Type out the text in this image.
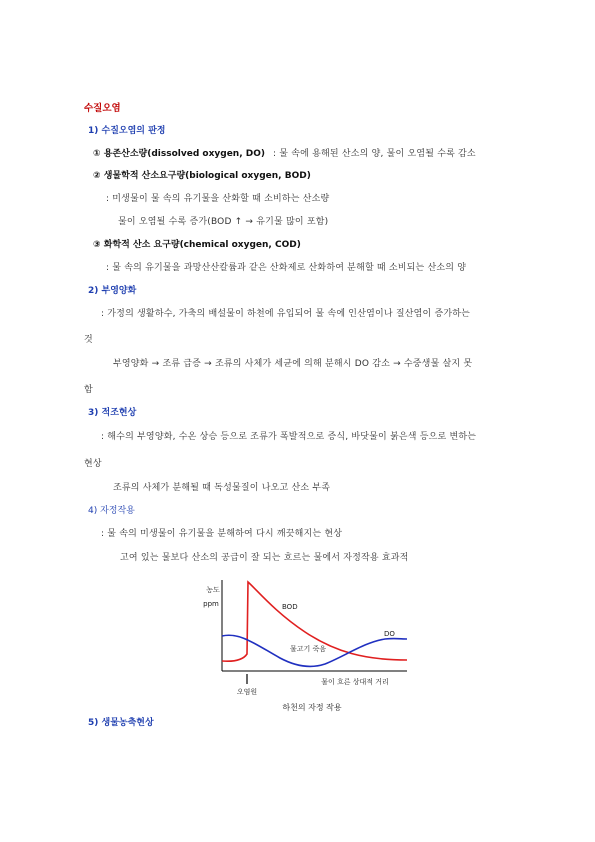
수질오염
1) 수질오염의 판정
① 용존산소량(dissolved oxygen, DO) : 물 속에 용해된 산소의 양, 물이 오염될 수록 감소
② 생물학적 산소요구량(biological oxygen, BOD)
: 미생물이 물 속의 유기물을 산화할 때 소비하는 산소량
물이 오염될 수록 증가(BOD ↑ → 유기물 많이 포함)
③ 화학적 산소 요구량(chemical oxygen, COD)
: 물 속의 유기물을 과망산산칼륨과 같은 산화제로 산화하여 분해할 때 소비되는 산소의 양
2) 부영양화
: 가정의 생활하수, 가축의 배설물이 하천에 유입되어 물 속에 인산염이나 질산염이 증가하는
것
부영양화 → 조류 급증 → 조류의 사체가 세균에 의해 분해시 DO 감소 → 수중생물 살지 못
함
3) 적조현상
: 해수의 부영양화, 수온 상승 등으로 조류가 폭발적으로 증식, 바닷물이 붉은색 등으로 변하는
현상
조류의 사체가 분해될 때 독성물질이 나오고 산소 부족
4) 자정작용
: 물 속의 미생물이 유기물을 분해하여 다시 깨끗해지는 현상
고여 있는 물보다 산소의 공급이 잘 되는 흐르는 물에서 자정작용 효과적
농도
ppm	BOD
DO
물고기 죽음
오염원
물이 흐른 상대적 거리
하천의 자정 작용
5) 생물농축현상
